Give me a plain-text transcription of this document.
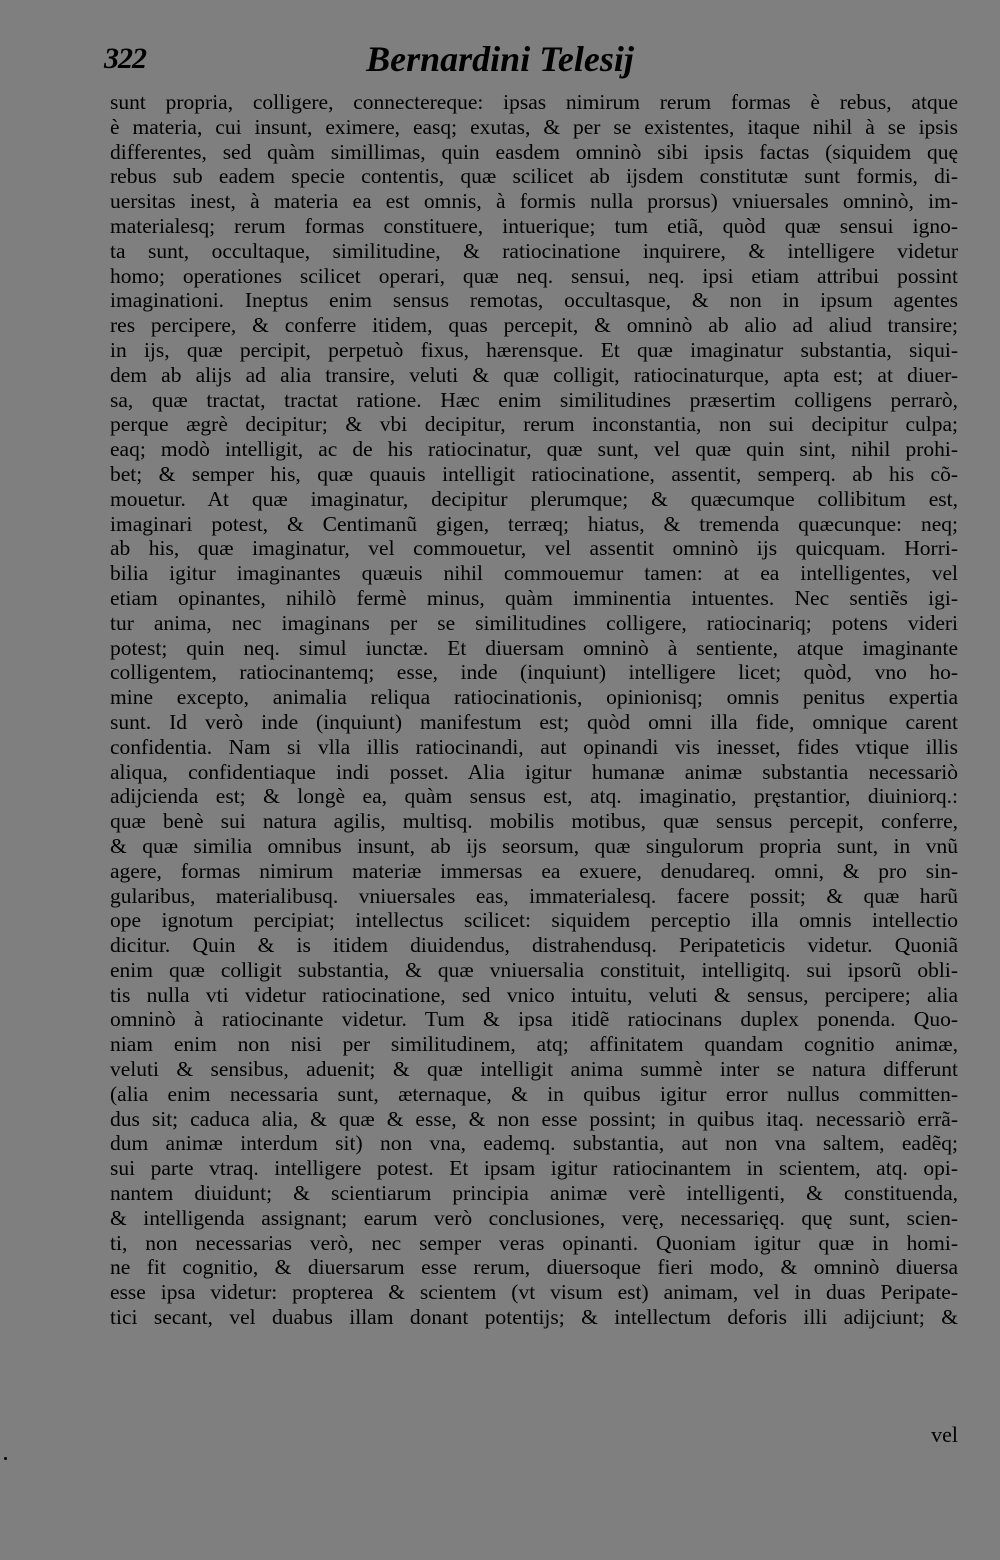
322	Bernardini Telesij
sunt propria, colligere, connectereque: ipsas nimirum rerum formas è rebus, atque
è materia, cui insunt, eximere, easq; exutas, & per se existentes, itaque nihil à se ipsis
differentes, sed quàm simillimas, quin easdem omninò sibi ipsis factas (siquidem quę
rebus sub eadem specie contentis, quæ scilicet ab ijsdem constitutæ sunt formis, di-
uersitas inest, à materia ea est omnis, à formis nulla prorsus) vniuersales omninò, im-
materialesq; rerum formas constituere, intuerique; tum etiã, quòd quæ sensui igno-
ta sunt, occultaque, similitudine, & ratiocinatione inquirere, & intelligere videtur
homo; operationes scilicet operari, quæ neq. sensui, neq. ipsi etiam attribui possint
imaginationi. Ineptus enim sensus remotas, occultasque, & non in ipsum agentes
res percipere, & conferre itidem, quas percepit, & omninò ab alio ad aliud transire;
in ijs, quæ percipit, perpetuò fixus, hærensque. Et quæ imaginatur substantia, siqui-
dem ab alijs ad alia transire, veluti & quæ colligit, ratiocinaturque, apta est; at diuer-
sa, quæ tractat, tractat ratione. Hæc enim similitudines præsertim colligens perrarò,
perque ægrè decipitur; & vbi decipitur, rerum inconstantia, non sui decipitur culpa;
eaq; modò intelligit, ac de his ratiocinatur, quæ sunt, vel quæ quin sint, nihil prohi-
bet; & semper his, quæ quauis intelligit ratiocinatione, assentit, semperq. ab his cõ-
mouetur. At quæ imaginatur, decipitur plerumque; & quæcumque collibitum est,
imaginari potest, & Centimanũ gigen, terræq; hiatus, & tremenda quæcunque: neq;
ab his, quæ imaginatur, vel commouetur, vel assentit omninò ijs quicquam. Horri-
bilia igitur imaginantes quæuis nihil commouemur tamen: at ea intelligentes, vel
etiam opinantes, nihilò fermè minus, quàm imminentia intuentes. Nec sentiẽs igi-
tur anima, nec imaginans per se similitudines colligere, ratiocinariq; potens videri
potest; quin neq. simul iunctæ. Et diuersam omninò à sentiente, atque imaginante
colligentem, ratiocinantemq; esse, inde (inquiunt) intelligere licet; quòd, vno ho-
mine excepto, animalia reliqua ratiocinationis, opinionisq; omnis penitus expertia
sunt. Id verò inde (inquiunt) manifestum est; quòd omni illa fide, omnique carent
confidentia. Nam si vlla illis ratiocinandi, aut opinandi vis inesset, fides vtique illis
aliqua, confidentiaque indi posset. Alia igitur humanæ animæ substantia necessariò
adijcienda est; & longè ea, quàm sensus est, atq. imaginatio, pręstantior, diuiniorq.:
quæ benè sui natura agilis, multisq. mobilis motibus, quæ sensus percepit, conferre,
& quæ similia omnibus insunt, ab ijs seorsum, quæ singulorum propria sunt, in vnũ
agere, formas nimirum materiæ immersas ea exuere, denudareq. omni, & pro sin-
gularibus, materialibusq. vniuersales eas, immaterialesq. facere possit; & quæ harũ
ope ignotum percipiat; intellectus scilicet: siquidem perceptio illa omnis intellectio
dicitur. Quin & is itidem diuidendus, distrahendusq. Peripateticis videtur. Quoniã
enim quæ colligit substantia, & quæ vniuersalia constituit, intelligitq. sui ipsorũ obli-
tis nulla vti videtur ratiocinatione, sed vnico intuitu, veluti & sensus, percipere; alia
omninò à ratiocinante videtur. Tum & ipsa itidẽ ratiocinans duplex ponenda. Quo-
niam enim non nisi per similitudinem, atq; affinitatem quandam cognitio animæ,
veluti & sensibus, aduenit; & quæ intelligit anima summè inter se natura differunt
(alia enim necessaria sunt, æternaque, & in quibus igitur error nullus committen-
dus sit; caduca alia, & quæ & esse, & non esse possint; in quibus itaq. necessariò errã-
dum animæ interdum sit) non vna, eademq. substantia, aut non vna saltem, eadẽq;
sui parte vtraq. intelligere potest. Et ipsam igitur ratiocinantem in scientem, atq. opi-
nantem diuidunt; & scientiarum principia animæ verè intelligenti, & constituenda,
& intelligenda assignant; earum verò conclusiones, verę, necessarięq. quę sunt, scien-
ti, non necessarias verò, nec semper veras opinanti. Quoniam igitur quæ in homi-
ne fit cognitio, & diuersarum esse rerum, diuersoque fieri modo, & omninò diuersa
esse ipsa videtur: propterea & scientem (vt visum est) animam, vel in duas Peripate-
tici secant, vel duabus illam donant potentijs; & intellectum deforis illi adijciunt; &
vel
